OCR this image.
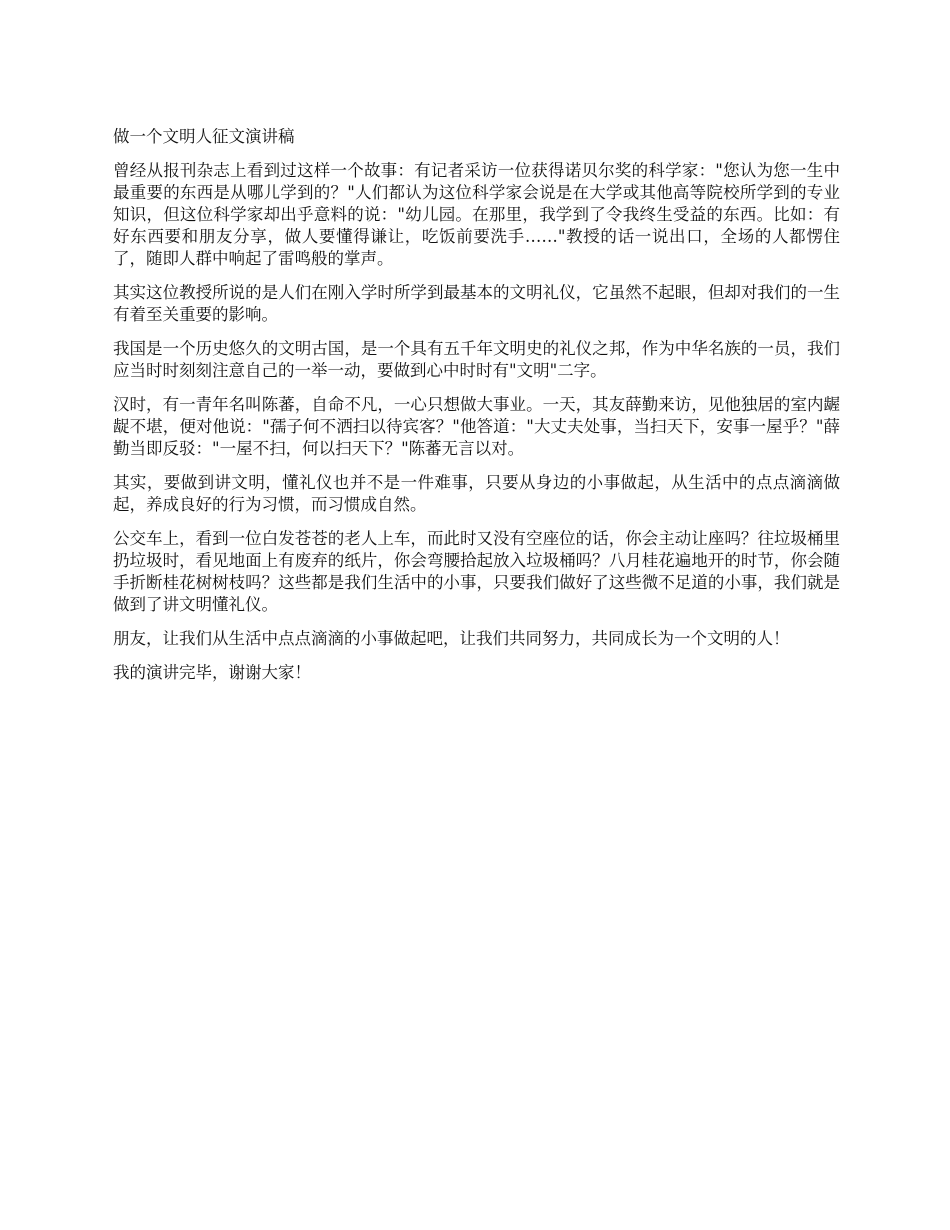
做一个文明人征文演讲稿

曾经从报刊杂志上看到过这样一个故事：有记者采访一位获得诺贝尔奖的科学家："您认为您一生中最重要的东西是从哪儿学到的？"人们都认为这位科学家会说是在大学或其他高等院校所学到的专业知识，但这位科学家却出乎意料的说："幼儿园。在那里，我学到了令我终生受益的东西。比如：有好东西要和朋友分享，做人要懂得谦让，吃饭前要洗手……"教授的话一说出口，全场的人都愣住了，随即人群中响起了雷鸣般的掌声。

其实这位教授所说的是人们在刚入学时所学到最基本的文明礼仪，它虽然不起眼，但却对我们的一生有着至关重要的影响。

我国是一个历史悠久的文明古国，是一个具有五千年文明史的礼仪之邦，作为中华名族的一员，我们应当时时刻刻注意自己的一举一动，要做到心中时时有"文明"二字。

汉时，有一青年名叫陈蕃，自命不凡，一心只想做大事业。一天，其友薛勤来访，见他独居的室内龌龊不堪，便对他说："孺子何不洒扫以待宾客？"他答道："大丈夫处事，当扫天下，安事一屋乎？"薛勤当即反驳："一屋不扫，何以扫天下？"陈蕃无言以对。

其实，要做到讲文明，懂礼仪也并不是一件难事，只要从身边的小事做起，从生活中的点点滴滴做起，养成良好的行为习惯，而习惯成自然。

公交车上，看到一位白发苍苍的老人上车，而此时又没有空座位的话，你会主动让座吗？往垃圾桶里扔垃圾时，看见地面上有废弃的纸片，你会弯腰拾起放入垃圾桶吗？八月桂花遍地开的时节，你会随手折断桂花树树枝吗？这些都是我们生活中的小事，只要我们做好了这些微不足道的小事，我们就是做到了讲文明懂礼仪。

朋友，让我们从生活中点点滴滴的小事做起吧，让我们共同努力，共同成长为一个文明的人！

我的演讲完毕，谢谢大家！
